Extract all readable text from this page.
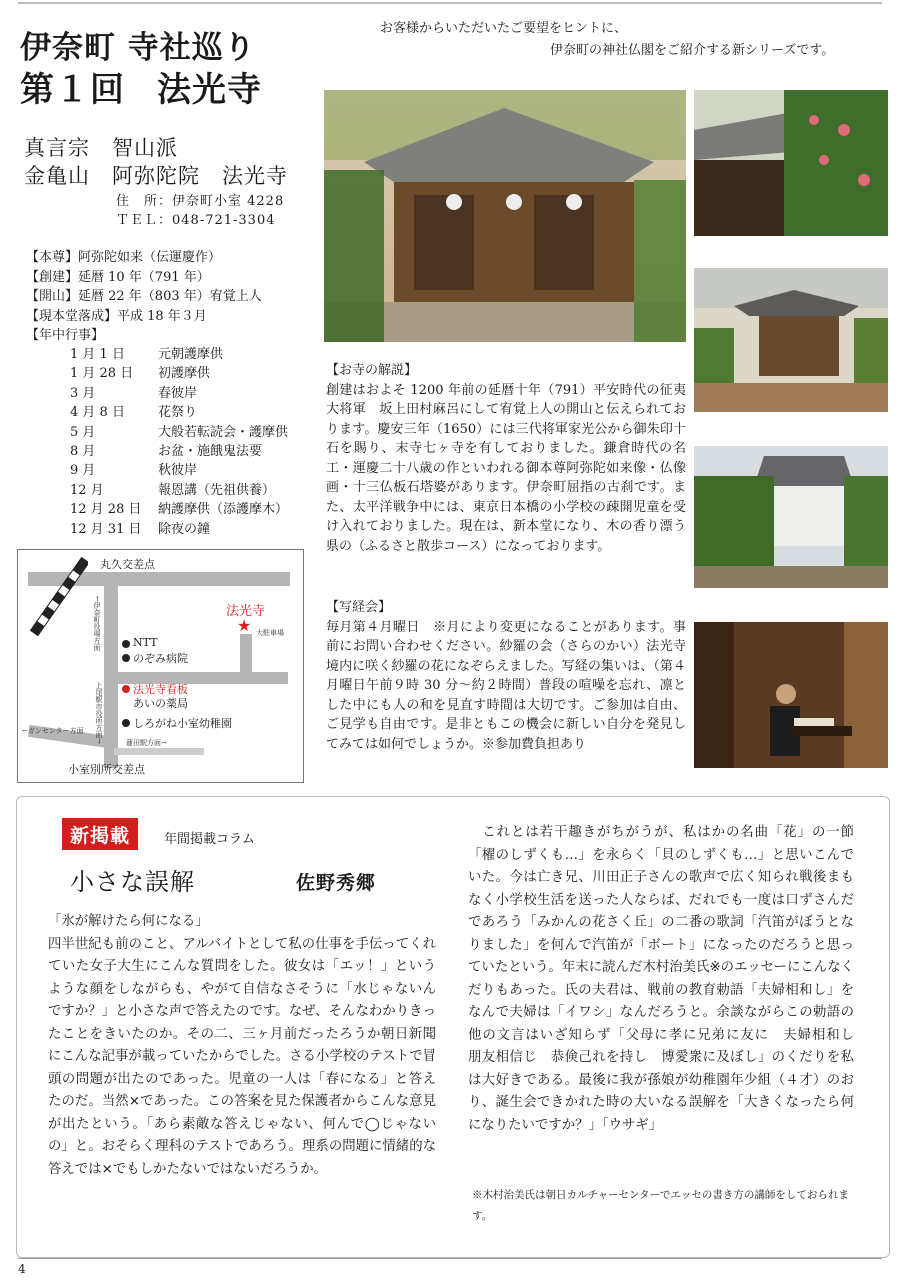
伊奈町 寺社巡り
第１回 法光寺
お客様からいただいたご要望をヒントに、
伊奈町の神社仏閣をご紹介する新シリーズです。
真言宗　智山派
金亀山　阿弥陀院　法光寺
住　所：伊奈町小室 4228
ＴＥＬ：048-721-3304
【本尊】阿弥陀如来（伝運慶作）
【創建】延暦 10 年（791 年）
【開山】延暦 22 年（803 年）宥覚上人
【現本堂落成】平成 18 年３月
【年中行事】
1 月 1 日	元朝護摩供
1 月 28 日	初護摩供
3 月	春彼岸
4 月 8 日	花祭り
5 月	大般若転読会・護摩供
8 月	お盆・施餓鬼法要
9 月	秋彼岸
12 月	報恩講（先祖供養）
12 月 28 日	納護摩供（添護摩木）
12 月 31 日	除夜の鐘
丸久交差点
法光寺
★ 大駐車場
NTT
のぞみ病院
法光寺看板
あいの薬局
しろがね小室幼稚園
小室別所交差点
←伊奈町役場方面
上尾駅市役所方面→
←ガンセンター方面
蓮田駅方面→
【お寺の解説】
創建はおよそ 1200 年前の延暦十年（791）平安時代の征夷大将軍　坂上田村麻呂にして宥覚上人の開山と伝えられております。慶安三年（1650）には三代将軍家光公から御朱印十石を賜り、末寺七ヶ寺を有しておりました。鎌倉時代の名工・運慶二十八歳の作といわれる御本尊阿弥陀如来像・仏像画・十三仏板石塔婆があります。伊奈町屈指の古刹です。また、太平洋戦争中には、東京日本橋の小学校の疎開児童を受け入れておりました。現在は、新本堂になり、木の香り漂う県の（ふるさと散歩コース）になっております。
【写経会】
毎月第４月曜日　※月により変更になることがあります。事前にお問い合わせください。紗羅の会（さらのかい）法光寺境内に咲く紗羅の花になぞらえました。写経の集いは、（第４月曜日午前９時 30 分〜約２時間）普段の喧噪を忘れ、凛とした中にも人の和を見直す時間は大切です。ご参加は自由、ご見学も自由です。是非ともこの機会に新しい自分を発見してみては如何でしょうか。※参加費負担あり
新掲載	年間掲載コラム
小さな誤解	佐野秀郷
「氷が解けたら何になる」
四半世紀も前のこと、アルバイトとして私の仕事を手伝ってくれていた女子大生にこんな質問をした。彼女は「エッ！」というような顔をしながらも、やがて自信なさそうに「水じゃないんですか？」と小さな声で答えたのです。なぜ、そんなわかりきったことをきいたのか。その二、三ヶ月前だったろうか朝日新聞にこんな記事が載っていたからでした。さる小学校のテストで冒頭の問題が出たのであった。児童の一人は「春になる」と答えたのだ。当然×であった。この答案を見た保護者からこんな意見が出たという。「あら素敵な答えじゃない、何んで◯じゃないの」と。おそらく理科のテストであろう。理系の問題に情緒的な答えでは×でもしかたないではないだろうか。
　これとは若干趣きがちがうが、私はかの名曲「花」の一節「櫂のしずくも…」を永らく「貝のしずくも…」と思いこんでいた。今は亡き兄、川田正子さんの歌声で広く知られ戦後まもなく小学校生活を送った人ならば、だれでも一度は口ずさんだであろう「みかんの花さく丘」の二番の歌詞「汽笛がぼうとなりました」を何んで汽笛が「ボート」になったのだろうと思っていたという。年末に読んだ木村治美氏※のエッセーにこんなくだりもあった。氏の夫君は、戦前の教育勅語「夫婦相和し」をなんで夫婦は「イワシ」なんだろうと。余談ながらこの勅語の他の文言はいざ知らず「父母に孝に兄弟に友に　夫婦相和し　朋友相信じ　恭倹己れを持し　博愛衆に及ぼし」のくだりを私は大好きである。最後に我が孫娘が幼稚園年少組（４才）のおり、誕生会できかれた時の大いなる誤解を「大きくなったら何になりたいですか？」「ウサギ」
※木村治美氏は朝日カルチャーセンターでエッセの書き方の講師をしておられます。
4
